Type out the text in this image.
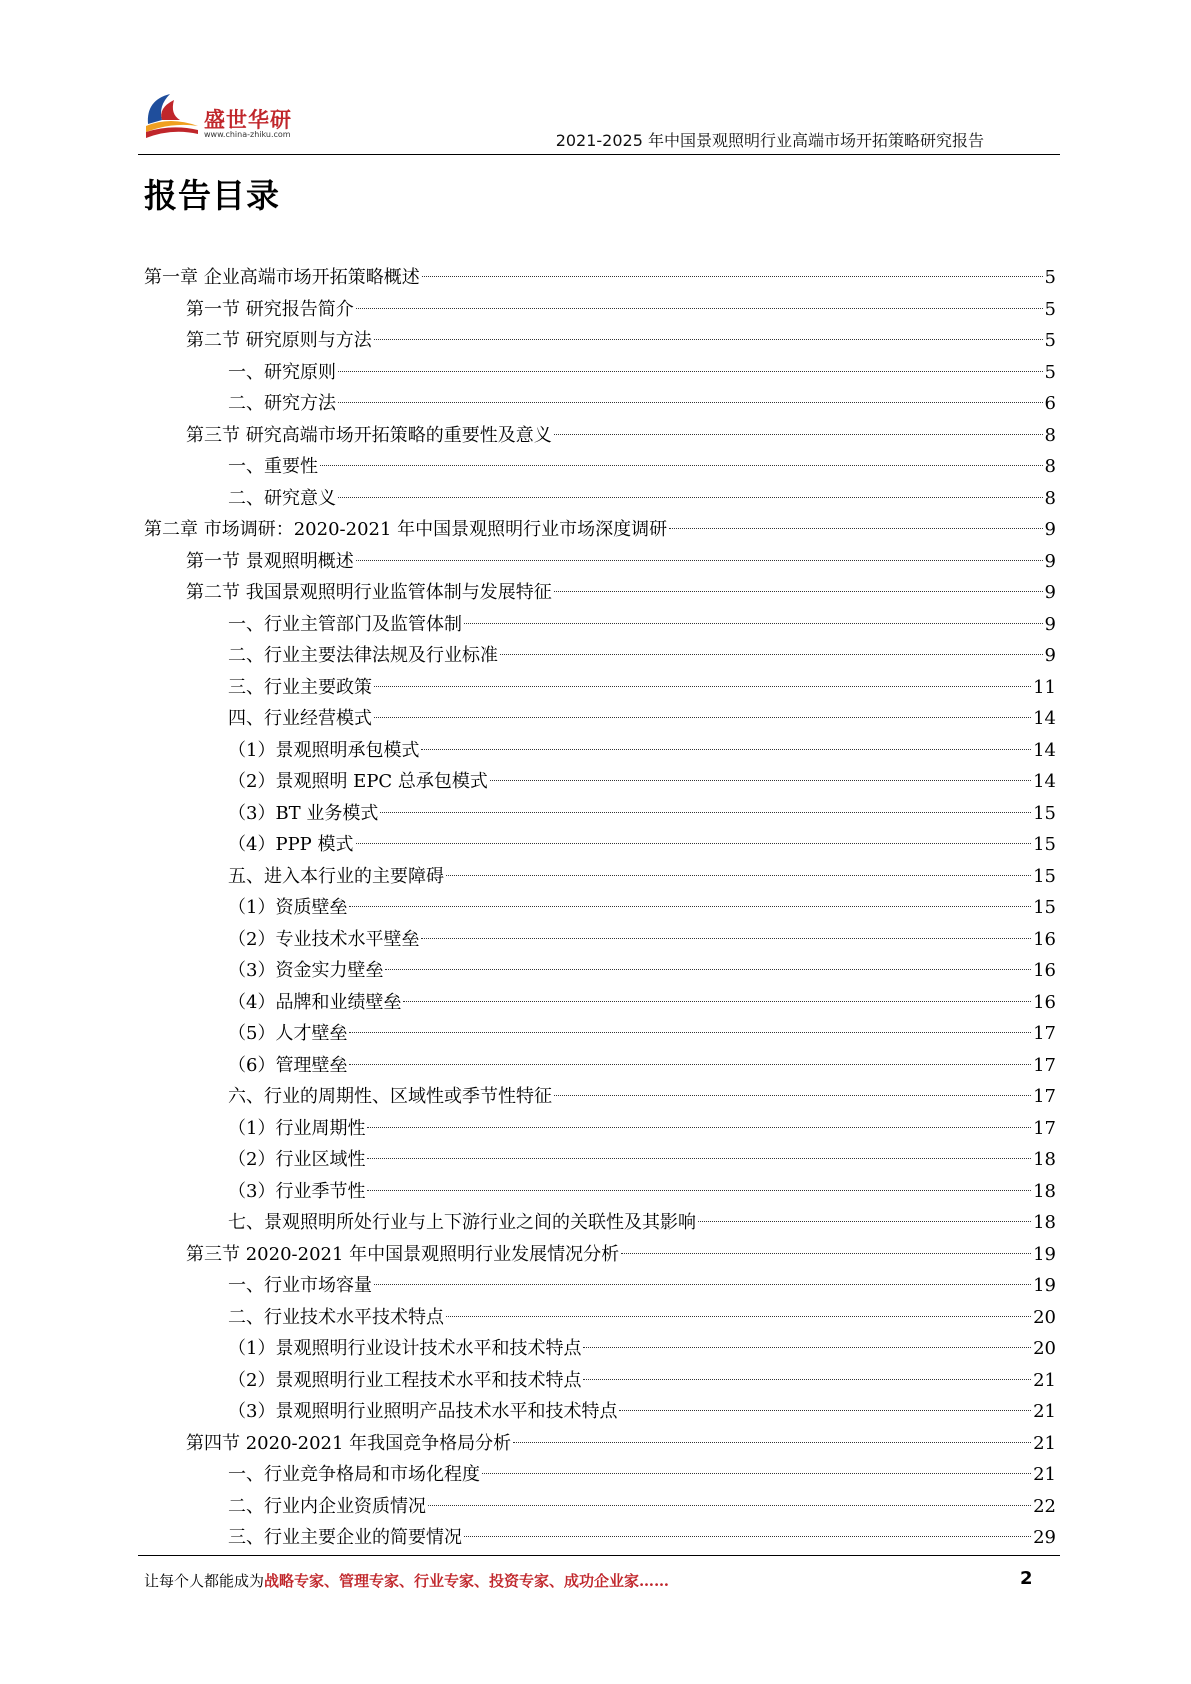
盛世华研
www.china-zhiku.com	2021-2025 年中国景观照明行业高端市场开拓策略研究报告
报告目录
第一章 企业高端市场开拓策略概述	5
第一节 研究报告简介	5
第二节 研究原则与方法	5
一、研究原则	5
二、研究方法	6
第三节 研究高端市场开拓策略的重要性及意义	8
一、重要性	8
二、研究意义	8
第二章 市场调研：2020-2021 年中国景观照明行业市场深度调研	9
第一节 景观照明概述	9
第二节 我国景观照明行业监管体制与发展特征	9
一、行业主管部门及监管体制	9
二、行业主要法律法规及行业标准	9
三、行业主要政策	11
四、行业经营模式	14
（1）景观照明承包模式	14
（2）景观照明 EPC 总承包模式	14
（3）BT 业务模式	15
（4）PPP 模式	15
五、进入本行业的主要障碍	15
（1）资质壁垒	15
（2）专业技术水平壁垒	16
（3）资金实力壁垒	16
（4）品牌和业绩壁垒	16
（5）人才壁垒	17
（6）管理壁垒	17
六、行业的周期性、区域性或季节性特征	17
（1）行业周期性	17
（2）行业区域性	18
（3）行业季节性	18
七、景观照明所处行业与上下游行业之间的关联性及其影响	18
第三节 2020-2021 年中国景观照明行业发展情况分析	19
一、行业市场容量	19
二、行业技术水平技术特点	20
（1）景观照明行业设计技术水平和技术特点	20
（2）景观照明行业工程技术水平和技术特点	21
（3）景观照明行业照明产品技术水平和技术特点	21
第四节 2020-2021 年我国竞争格局分析	21
一、行业竞争格局和市场化程度	21
二、行业内企业资质情况	22
三、行业主要企业的简要情况	29
让每个人都能成为战略专家、管理专家、行业专家、投资专家、成功企业家……	2
